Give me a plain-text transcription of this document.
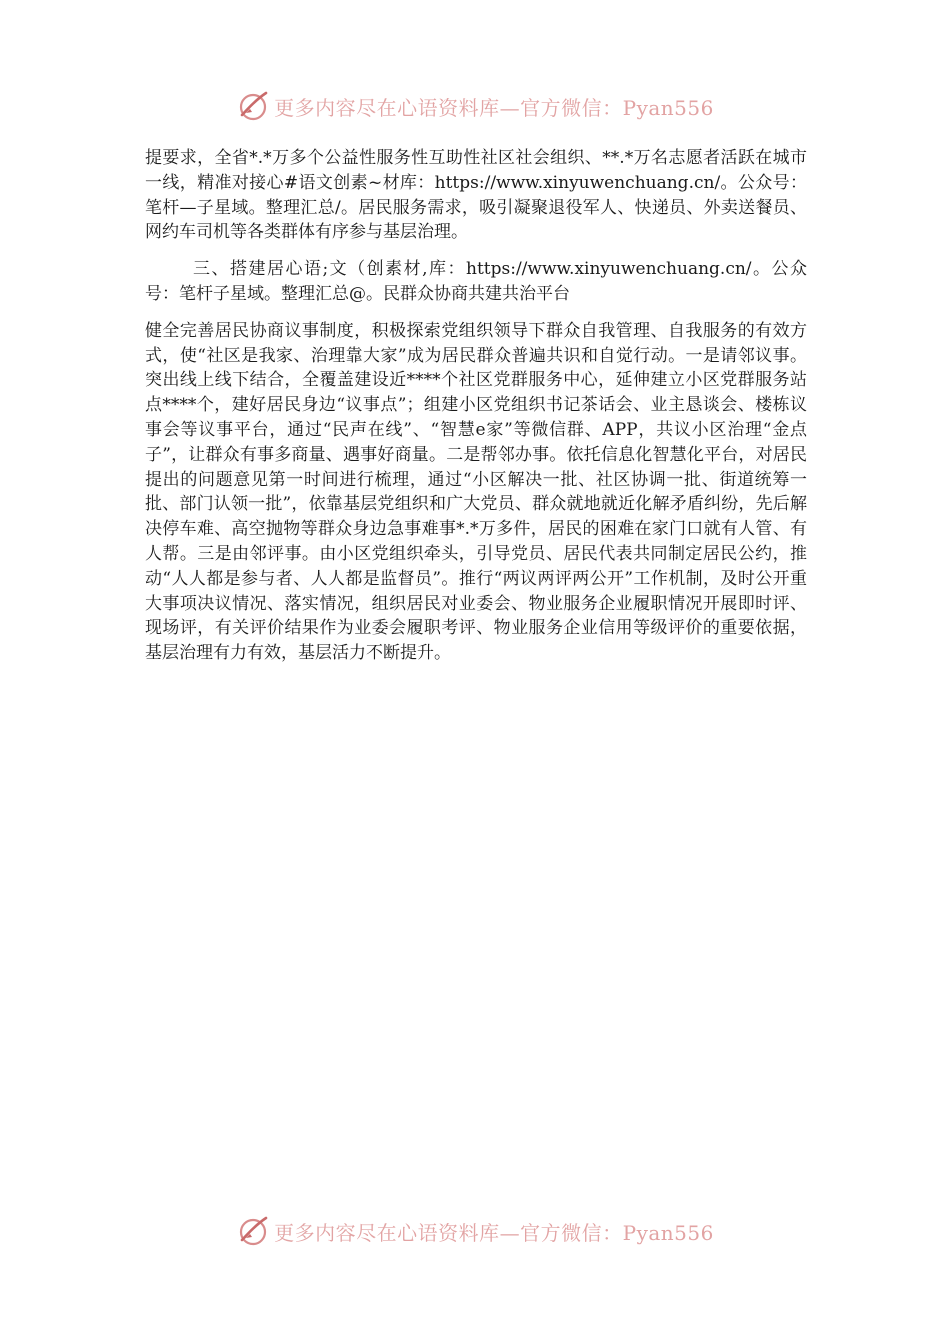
更多内容尽在心语资料库—官方微信：Pyan556

提要求，全省*.*万多个公益性服务性互助性社区社会组织、**.*万名志愿者活跃在城市一线，精准对接心#语文创素~材库：https://www.xinyuwenchuang.cn/。公众号：笔杆—子星域。整理汇总/。居民服务需求，吸引凝聚退役军人、快递员、外卖送餐员、网约车司机等各类群体有序参与基层治理。

三、搭建居心语;文（创素材,库：https://www.xinyuwenchuang.cn/。公众号：笔杆子星域。整理汇总@。民群众协商共建共治平台

健全完善居民协商议事制度，积极探索党组织领导下群众自我管理、自我服务的有效方式，使“社区是我家、治理靠大家”成为居民群众普遍共识和自觉行动。一是请邻议事。突出线上线下结合，全覆盖建设近****个社区党群服务中心，延伸建立小区党群服务站点****个，建好居民身边“议事点”；组建小区党组织书记茶话会、业主恳谈会、楼栋议事会等议事平台，通过“民声在线”、“智慧e家”等微信群、APP，共议小区治理“金点子”，让群众有事多商量、遇事好商量。二是帮邻办事。依托信息化智慧化平台，对居民提出的问题意见第一时间进行梳理，通过“小区解决一批、社区协调一批、街道统筹一批、部门认领一批”，依靠基层党组织和广大党员、群众就地就近化解矛盾纠纷，先后解决停车难、高空抛物等群众身边急事难事*.*万多件，居民的困难在家门口就有人管、有人帮。三是由邻评事。由小区党组织牵头，引导党员、居民代表共同制定居民公约，推动“人人都是参与者、人人都是监督员”。推行“两议两评两公开”工作机制，及时公开重大事项决议情况、落实情况，组织居民对业委会、物业服务企业履职情况开展即时评、现场评，有关评价结果作为业委会履职考评、物业服务企业信用等级评价的重要依据，基层治理有力有效，基层活力不断提升。

更多内容尽在心语资料库—官方微信：Pyan556
